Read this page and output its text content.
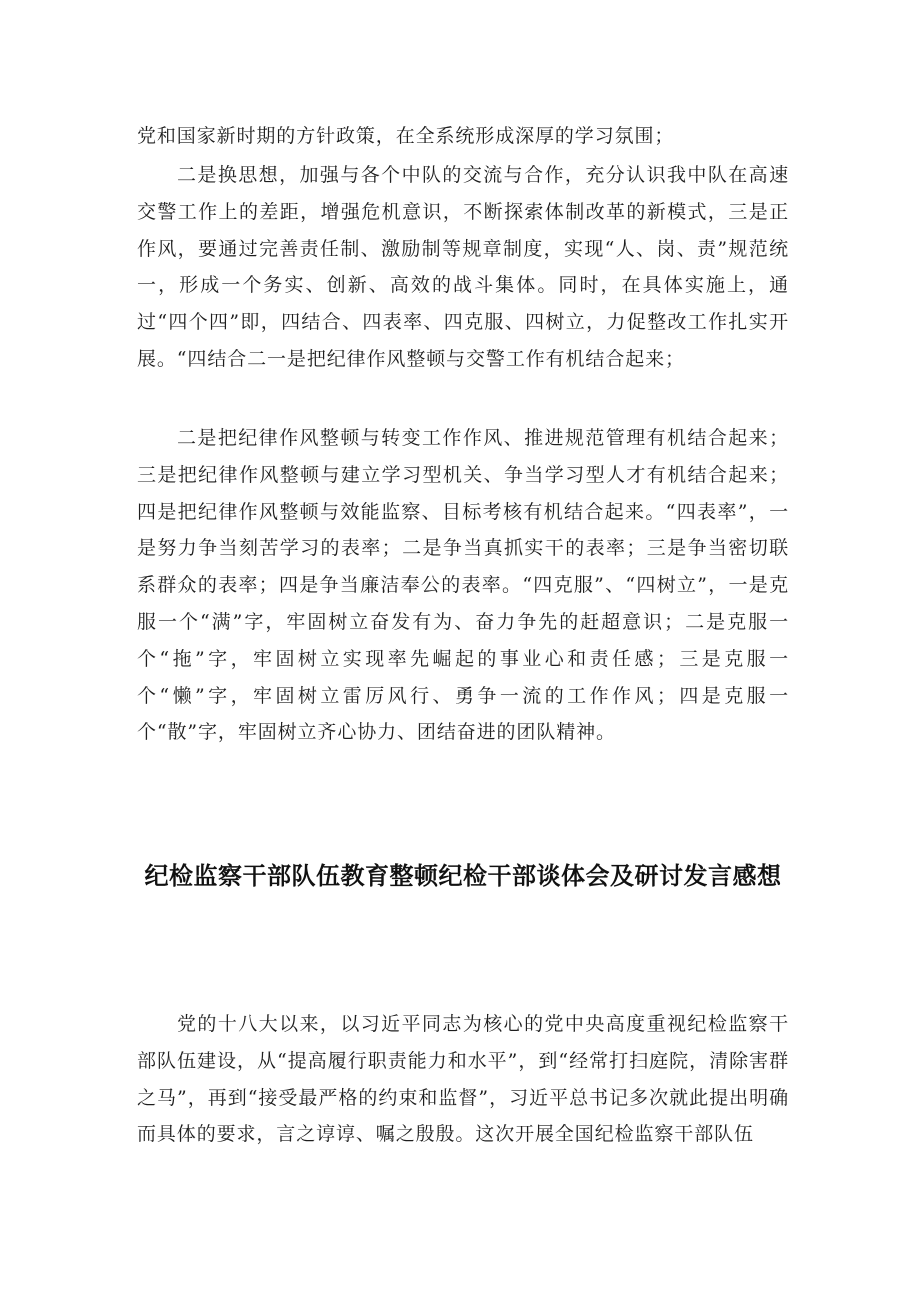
党和国家新时期的方针政策，在全系统形成深厚的学习氛围；

二是换思想，加强与各个中队的交流与合作，充分认识我中队在高速交警工作上的差距，增强危机意识，不断探索体制改革的新模式，三是正作风，要通过完善责任制、激励制等规章制度，实现“人、岗、责”规范统一，形成一个务实、创新、高效的战斗集体。同时，在具体实施上，通过“四个四”即，四结合、四表率、四克服、四树立，力促整改工作扎实开展。“四结合二一是把纪律作风整顿与交警工作有机结合起来；

二是把纪律作风整顿与转变工作作风、推进规范管理有机结合起来；三是把纪律作风整顿与建立学习型机关、争当学习型人才有机结合起来；四是把纪律作风整顿与效能监察、目标考核有机结合起来。“四表率”，一是努力争当刻苦学习的表率；二是争当真抓实干的表率；三是争当密切联系群众的表率；四是争当廉洁奉公的表率。“四克服”、“四树立”，一是克服一个“满”字，牢固树立奋发有为、奋力争先的赶超意识；二是克服一个“拖”字，牢固树立实现率先崛起的事业心和责任感；三是克服一个“懒”字，牢固树立雷厉风行、勇争一流的工作作风；四是克服一个“散”字，牢固树立齐心协力、团结奋进的团队精神。

纪检监察干部队伍教育整顿纪检干部谈体会及研讨发言感想

党的十八大以来，以习近平同志为核心的党中央高度重视纪检监察干部队伍建设，从“提高履行职责能力和水平”，到“经常打扫庭院，清除害群之马”，再到“接受最严格的约束和监督”，习近平总书记多次就此提出明确而具体的要求，言之谆谆、嘱之殷殷。这次开展全国纪检监察干部队伍
